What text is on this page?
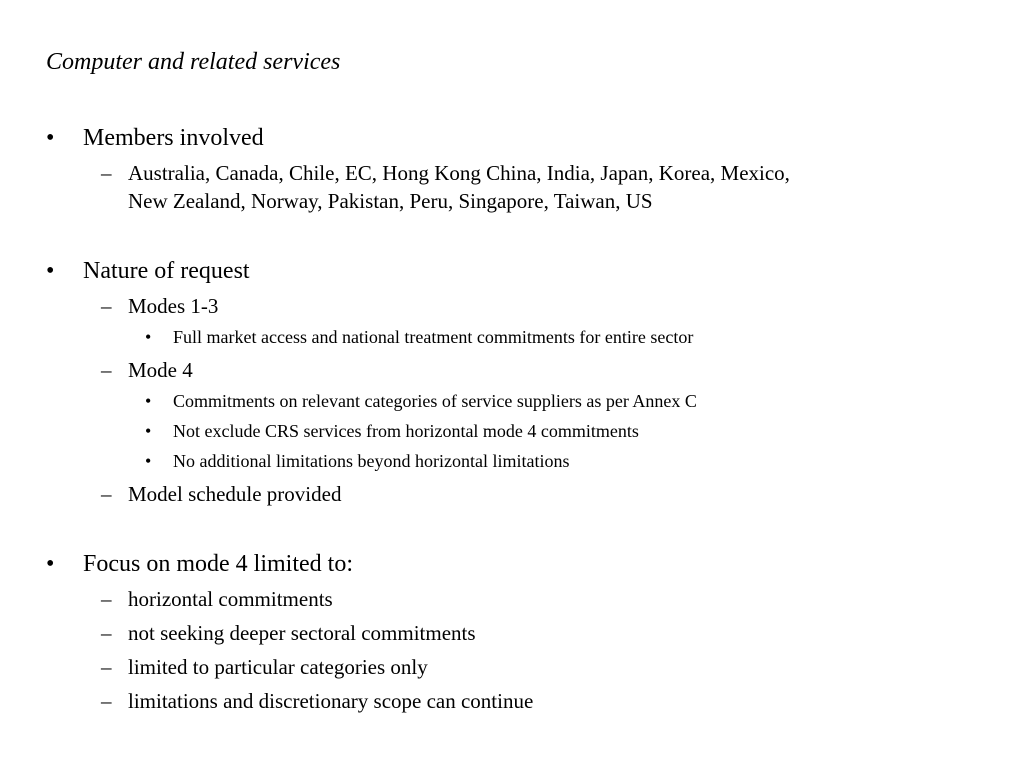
Computer and related services
• Members involved
– Australia, Canada, Chile, EC, Hong Kong China, India, Japan, Korea, Mexico,
New Zealand, Norway, Pakistan, Peru, Singapore, Taiwan, US
• Nature of request
– Modes 1-3
• Full market access and national treatment commitments for entire sector
– Mode 4
• Commitments on relevant categories of service suppliers as per Annex C
• Not exclude CRS services from horizontal mode 4 commitments
• No additional limitations beyond horizontal limitations
– Model schedule provided
• Focus on mode 4 limited to:
– horizontal commitments
– not seeking deeper sectoral commitments
– limited to particular categories only
– limitations and discretionary scope can continue
